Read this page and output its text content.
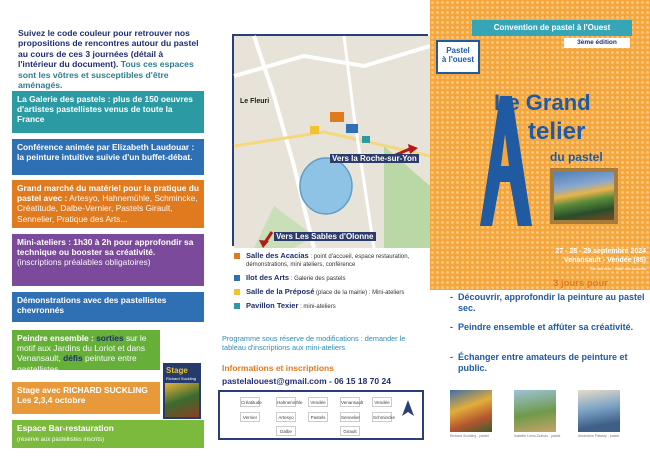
Suivez le code couleur pour retrouver nos propositions de rencontres autour du pastel au cours de ces 3 journées (détail à l'intérieur du document). Tous ces espaces sont les vôtres et susceptibles d'être aménagés.
La Galerie des pastels : plus de 150 oeuvres d'artistes pastellistes venus de toute la France
Conférence animée par Elizabeth Laudouar : la peinture intuitive suivie d'un buffet-débat.
Grand marché du matériel pour la pratique du pastel avec : Artesyo, Hahnemühle, Schmincke, Créatitude, Dalbe-Vernier, Pastels Girault, Sennelier, Pratique des Arts...
Mini-ateliers : 1h30 à 2h pour approfondir sa technique ou booster sa créativité.
(inscriptions préalables obligatoires)
Démonstrations avec des pastellistes chevronnés
Peindre ensemble : sorties sur le motif aux Jardins du Loriot et dans Venansault, défis peinture entre pastellistes
Stage avec RICHARD SUCKLING Les 2,3,4 octobre
Stage
Richard Suckling
Espace Bar-restauration
(réservé aux pastellistes inscrits)
Le Fleuri
Vers la Roche-sur-Yon
Vers Les Sables d'Olonne
Salle des Acacias : point d'accueil, espace restauration, démonstrations, mini ateliers, conférence
Ilot des Arts : Galerie des pastels
Salle de la Préposé (place de la mairie) : Mini-ateliers
Pavillon Texier : mini-ateliers
Programme sous réserve de modifications : demander le tableau d'inscriptions aux mini-ateliers
Informations et inscriptions
pastelalouest@gmail.com - 06 15 18 70 24
Créatitude	Hahnemühle	Vendée	Venansault	Vendée
Vernier	Artesyo	Pastels	Sennelier	Schmincke
Dalbe	Girault
Convention de pastel à l'Ouest
3ème édition
Pastel
à l'ouest
Le Grand
telier
du pastel
27 - 28 - 29 septembre 2024
Venansault - Vendée (85)
Îlot des Arts - Salle des Acacias
3 jours pour
- Découvrir, approfondir la peinture au pastel sec.
- Peindre ensemble et affûter sa créativité.
- Échanger entre amateurs de peinture et public.
Richard Suckling - pastel	Isabelle Lomo-Dubois - pastel	Amandine Patardy - pastel
